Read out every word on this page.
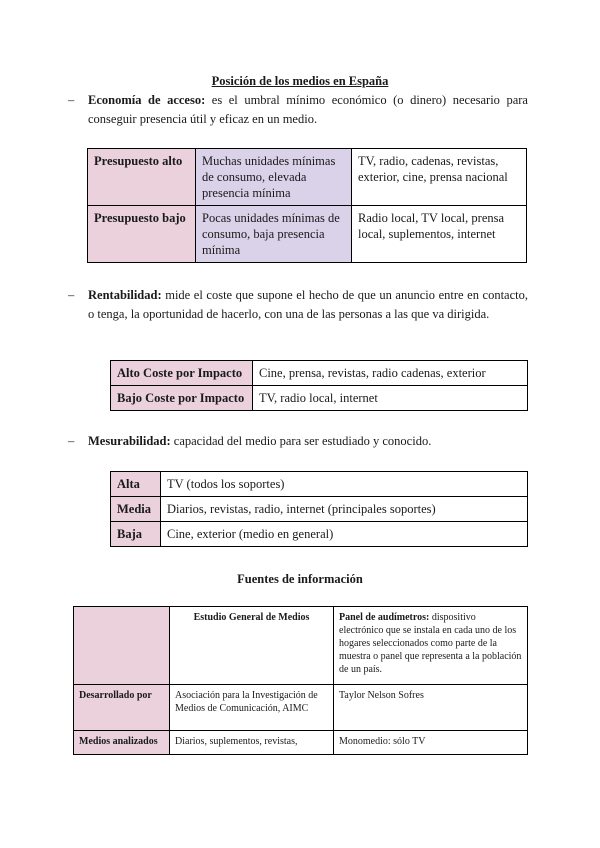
Posición de los medios en España
– Economía de acceso: es el umbral mínimo económico (o dinero) necesario para conseguir presencia útil y eficaz en un medio.
Presupuesto alto	Muchas unidades mínimas de consumo, elevada presencia mínima	TV, radio, cadenas, revistas, exterior, cine, prensa nacional
Presupuesto bajo	Pocas unidades mínimas de consumo, baja presencia mínima	Radio local, TV local, prensa local, suplementos, internet
– Rentabilidad: mide el coste que supone el hecho de que un anuncio entre en contacto, o tenga, la oportunidad de hacerlo, con una de las personas a las que va dirigida.
Alto Coste por Impacto	Cine, prensa, revistas, radio cadenas, exterior
Bajo Coste por Impacto	TV, radio local, internet
– Mesurabilidad: capacidad del medio para ser estudiado y conocido.
Alta	TV (todos los soportes)
Media	Diarios, revistas, radio, internet (principales soportes)
Baja	Cine, exterior (medio en general)
Fuentes de información
	Estudio General de Medios	Panel de audímetros: dispositivo electrónico que se instala en cada uno de los hogares seleccionados como parte de la muestra o panel que representa a la población de un país.
Desarrollado por	Asociación para la Investigación de Medios de Comunicación, AIMC	Taylor Nelson Sofres
Medios analizados	Diarios, suplementos, revistas,	Monomedio: sólo TV
